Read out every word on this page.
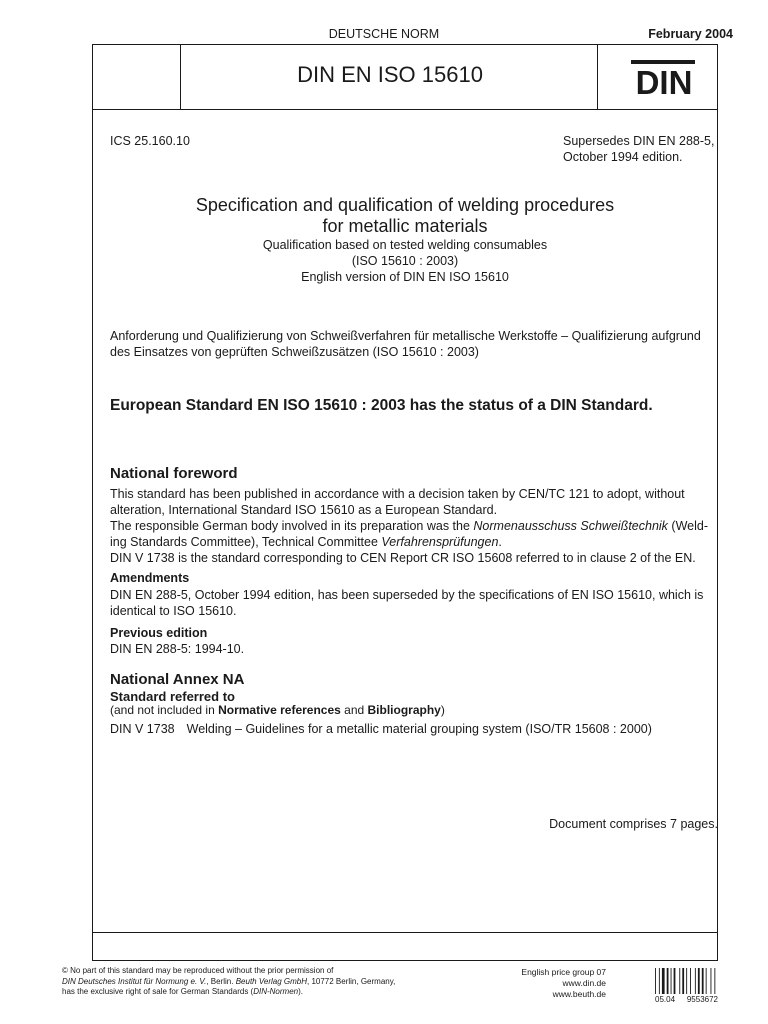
DEUTSCHE NORM	February 2004
DIN EN ISO 15610	DIN
ICS 25.160.10	Supersedes DIN EN 288-5,

October 1994 edition.

Specification and qualification of welding procedures

for metallic materials

Qualification based on tested welding consumables

(ISO 15610 : 2003)

English version of DIN EN ISO 15610

Anforderung und Qualifizierung von Schweißverfahren für metallische Werkstoffe – Qualifizierung aufgrund

des Einsatzes von geprüften Schweißzusätzen (ISO 15610 : 2003)

European Standard EN ISO 15610 : 2003 has the status of a DIN Standard.
National foreword

This standard has been published in accordance with a decision taken by CEN/TC 121 to adopt, without

alteration, International Standard ISO 15610 as a European Standard.

The responsible German body involved in its preparation was the Normenausschuss Schweißtechnik (Weld-

ing Standards Committee), Technical Committee Verfahrensprüfungen.

DIN V 1738 is the standard corresponding to CEN Report CR ISO 15608 referred to in clause 2 of the EN.

Amendments

DIN EN 288-5, October 1994 edition, has been superseded by the specifications of EN ISO 15610, which is

identical to ISO 15610.

Previous edition
DIN EN 288-5: 1994-10.
National Annex NA
Standard referred to
(and not included in Normative references and Bibliography)
DIN V 1738 Welding – Guidelines for a metallic material grouping system (ISO/TR 15608 : 2000)
Document comprises 7 pages.

© No part of this standard may be reproduced without the prior permission of

DIN Deutsches Institut für Normung e. V., Berlin. Beuth Verlag GmbH, 10772 Berlin, Germany,

has the exclusive right of sale for German Standards (DIN-Normen).

English price group 07

www.din.de

www.beuth.de

05.04 9553672
